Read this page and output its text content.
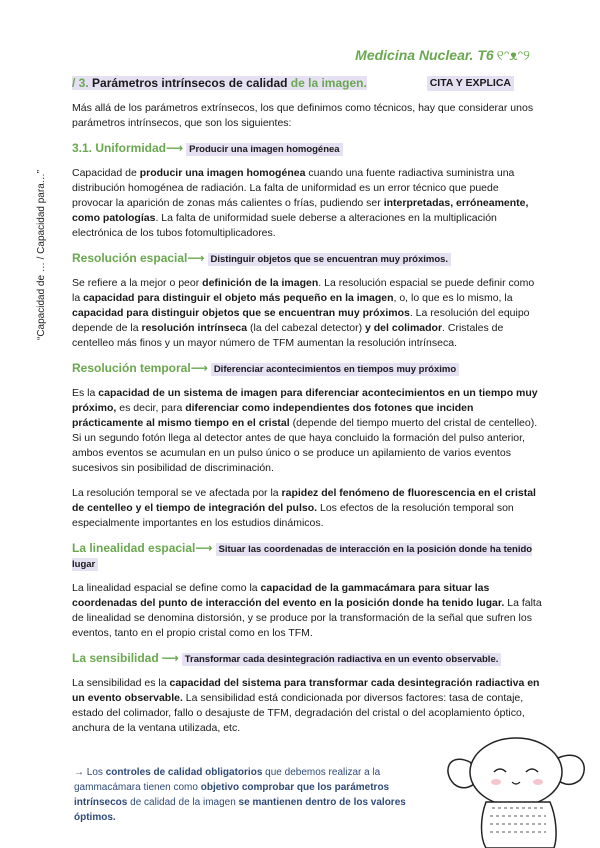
Medicina Nuclear. T6 ୧ᵔᴥᵔ୨
“Capacidad de … / Capacidad para…”
/ 3. Parámetros intrínsecos de calidad de la imagen.	CITA Y EXPLICA

Más allá de los parámetros extrínsecos, los que definimos como técnicos, hay que considerar unos parámetros intrínsecos, que son los siguientes:

3.1. Uniformidad⟶ Producir una imagen homogénea

Capacidad de producir una imagen homogénea cuando una fuente radiactiva suministra una distribución homogénea de radiación. La falta de uniformidad es un error técnico que puede provocar la aparición de zonas más calientes o frías, pudiendo ser interpretadas, erróneamente, como patologías. La falta de uniformidad suele deberse a alteraciones en la multiplicación electrónica de los tubos fotomultiplicadores.

Resolución espacial⟶ Distinguir objetos que se encuentran muy próximos.

Se refiere a la mejor o peor definición de la imagen. La resolución espacial se puede definir como la capacidad para distinguir el objeto más pequeño en la imagen, o, lo que es lo mismo, la capacidad para distinguir objetos que se encuentran muy próximos. La resolución del equipo depende de la resolución intrínseca (la del cabezal detector) y del colimador. Cristales de centelleo más finos y un mayor número de TFM aumentan la resolución intrínseca.

Resolución temporal⟶ Diferenciar acontecimientos en tiempos muy próximo

Es la capacidad de un sistema de imagen para diferenciar acontecimientos en un tiempo muy próximo, es decir, para diferenciar como independientes dos fotones que inciden prácticamente al mismo tiempo en el cristal (depende del tiempo muerto del cristal de centelleo). Si un segundo fotón llega al detector antes de que haya concluido la formación del pulso anterior, ambos eventos se acumulan en un pulso único o se produce un apilamiento de varios eventos sucesivos sin posibilidad de discriminación.

La resolución temporal se ve afectada por la rapidez del fenómeno de fluorescencia en el cristal de centelleo y el tiempo de integración del pulso. Los efectos de la resolución temporal son especialmente importantes en los estudios dinámicos.

La linealidad espacial⟶ Situar las coordenadas de interacción en la posición donde ha tenido lugar

La linealidad espacial se define como la capacidad de la gammacámara para situar las coordenadas del punto de interacción del evento en la posición donde ha tenido lugar. La falta de linealidad se denomina distorsión, y se produce por la transformación de la señal que sufren los eventos, tanto en el propio cristal como en los TFM.

La sensibilidad ⟶ Transformar cada desintegración radiactiva en un evento observable.

La sensibilidad es la capacidad del sistema para transformar cada desintegración radiactiva en un evento observable. La sensibilidad está condicionada por diversos factores: tasa de contaje, estado del colimador, fallo o desajuste de TFM, degradación del cristal o del acoplamiento óptico, anchura de la ventana utilizada, etc.

→ Los controles de calidad obligatorios que debemos realizar a la gammacámara tienen como objetivo comprobar que los parámetros intrínsecos de calidad de la imagen se mantienen dentro de los valores óptimos.
